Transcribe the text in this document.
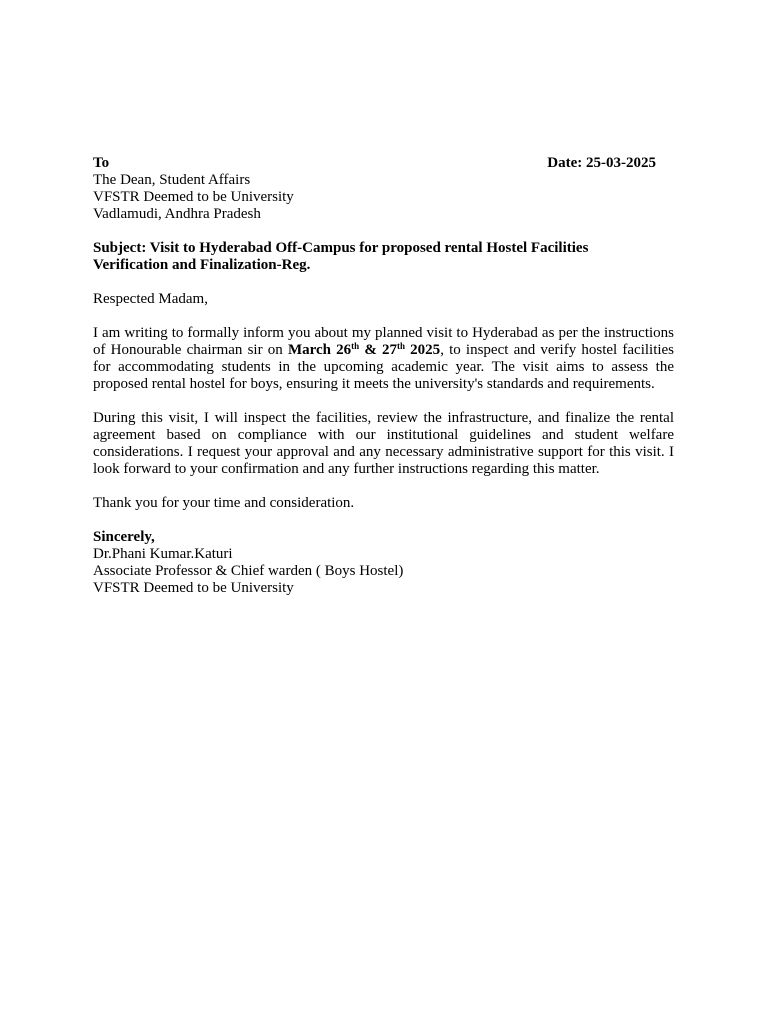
To	Date: 25-03-2025
The Dean, Student Affairs
VFSTR Deemed to be University
Vadlamudi, Andhra Pradesh
Subject: Visit to Hyderabad Off-Campus for proposed rental Hostel Facilities
Verification and Finalization-Reg.
Respected Madam,

I am writing to formally inform you about my planned visit to Hyderabad as per the instructions of Honourable chairman sir on March 26th & 27th 2025, to inspect and verify hostel facilities for accommodating students in the upcoming academic year. The visit aims to assess the proposed rental hostel for boys, ensuring it meets the university's standards and requirements.

During this visit, I will inspect the facilities, review the infrastructure, and finalize the rental agreement based on compliance with our institutional guidelines and student welfare considerations. I request your approval and any necessary administrative support for this visit. I look forward to your confirmation and any further instructions regarding this matter.

Thank you for your time and consideration.
Sincerely,
Dr.Phani Kumar.Katuri
Associate Professor & Chief warden ( Boys Hostel)
VFSTR Deemed to be University
